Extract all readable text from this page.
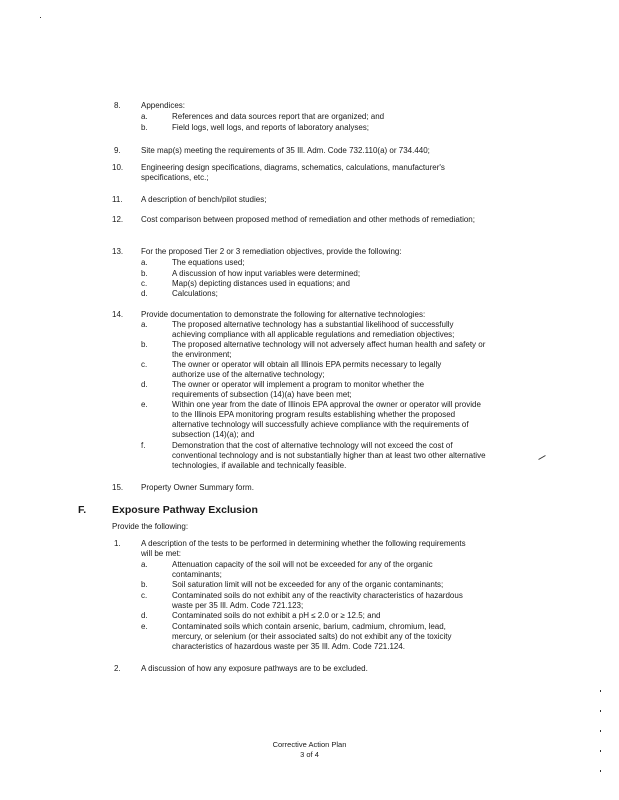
8.	Appendices:
a.	References and data sources report that are organized; and
b.	Field logs, well logs, and reports of laboratory analyses;
9.	Site map(s) meeting the requirements of 35 Ill. Adm. Code 732.110(a) or 734.440;
10. Engineering design specifications, diagrams, schematics, calculations, manufacturer's specifications, etc.;
11. A description of bench/pilot studies;
12. Cost comparison between proposed method of remediation and other methods of remediation;
13. For the proposed Tier 2 or 3 remediation objectives, provide the following:
a.	The equations used;
b.	A discussion of how input variables were determined;
c.	Map(s) depicting distances used in equations; and
d.	Calculations;
14. Provide documentation to demonstrate the following for alternative technologies:
a.	The proposed alternative technology has a substantial likelihood of successfully achieving compliance with all applicable regulations and remediation objectives;
b.	The proposed alternative technology will not adversely affect human health and safety or the environment;
c.	The owner or operator will obtain all Illinois EPA permits necessary to legally authorize use of the alternative technology;
d.	The owner or operator will implement a program to monitor whether the requirements of subsection (14)(a) have been met;
e.	Within one year from the date of Illinois EPA approval the owner or operator will provide to the Illinois EPA monitoring program results establishing whether the proposed alternative technology will successfully achieve compliance with the requirements of subsection (14)(a); and
f.	Demonstration that the cost of alternative technology will not exceed the cost of conventional technology and is not substantially higher than at least two other alternative technologies, if available and technically feasible.
15. Property Owner Summary form.
F. Exposure Pathway Exclusion
Provide the following:
1.	A description of the tests to be performed in determining whether the following requirements will be met:
a.	Attenuation capacity of the soil will not be exceeded for any of the organic contaminants;
b.	Soil saturation limit will not be exceeded for any of the organic contaminants;
c.	Contaminated soils do not exhibit any of the reactivity characteristics of hazardous waste per 35 Ill. Adm. Code 721.123;
d.	Contaminated soils do not exhibit a pH ≤ 2.0 or ≥ 12.5; and
e.	Contaminated soils which contain arsenic, barium, cadmium, chromium, lead, mercury, or selenium (or their associated salts) do not exhibit any of the toxicity characteristics of hazardous waste per 35 Ill. Adm. Code 721.124.
2.	A discussion of how any exposure pathways are to be excluded.
Corrective Action Plan
3 of 4
